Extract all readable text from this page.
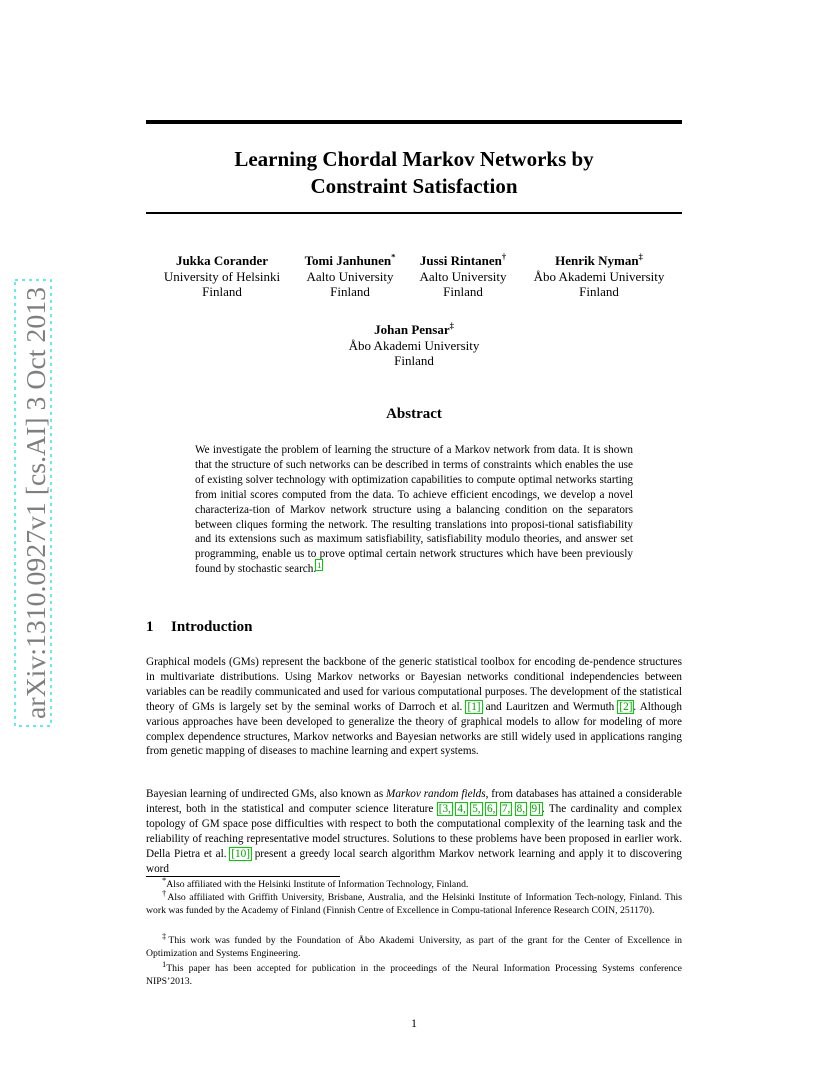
arXiv:1310.0927v1 [cs.AI] 3 Oct 2013
Learning Chordal Markov Networks by
Constraint Satisfaction
Jukka Corander
University of Helsinki
Finland
Tomi Janhunen*
Aalto University
Finland
Jussi Rintanen†
Aalto University
Finland
Henrik Nyman‡
Åbo Akademi University
Finland
Johan Pensar‡
Åbo Akademi University
Finland
Abstract
We investigate the problem of learning the structure of a Markov network from data. It is shown that the structure of such networks can be described in terms of constraints which enables the use of existing solver technology with optimization capabilities to compute optimal networks starting from initial scores computed from the data. To achieve efficient encodings, we develop a novel characteriza-tion of Markov network structure using a balancing condition on the separators between cliques forming the network. The resulting translations into proposi-tional satisfiability and its extensions such as maximum satisfiability, satisfiability modulo theories, and answer set programming, enable us to prove optimal certain network structures which have been previously found by stochastic search.$^1$
1 Introduction
Graphical models (GMs) represent the backbone of the generic statistical toolbox for encoding de-pendence structures in multivariate distributions. Using Markov networks or Bayesian networks conditional independencies between variables can be readily communicated and used for various computational purposes. The development of the statistical theory of GMs is largely set by the seminal works of Darroch et al. [1] and Lauritzen and Wermuth [2]. Although various approaches have been developed to generalize the theory of graphical models to allow for modeling of more complex dependence structures, Markov networks and Bayesian networks are still widely used in applications ranging from genetic mapping of diseases to machine learning and expert systems.
Bayesian learning of undirected GMs, also known as Markov random fields, from databases has attained a considerable interest, both in the statistical and computer science literature [3, 4, 5, 6, 7, 8, 9]. The cardinality and complex topology of GM space pose difficulties with respect to both the computational complexity of the learning task and the reliability of reaching representative model structures. Solutions to these problems have been proposed in earlier work. Della Pietra et al. [10] present a greedy local search algorithm Markov network learning and apply it to discovering word
*Also affiliated with the Helsinki Institute of Information Technology, Finland.
†Also affiliated with Griffith University, Brisbane, Australia, and the Helsinki Institute of Information Tech-nology, Finland. This work was funded by the Academy of Finland (Finnish Centre of Excellence in Compu-tational Inference Research COIN, 251170).
‡This work was funded by the Foundation of Åbo Akademi University, as part of the grant for the Center of Excellence in Optimization and Systems Engineering.
$^1$This paper has been accepted for publication in the proceedings of the Neural Information Processing Systems conference NIPS’2013.
1
